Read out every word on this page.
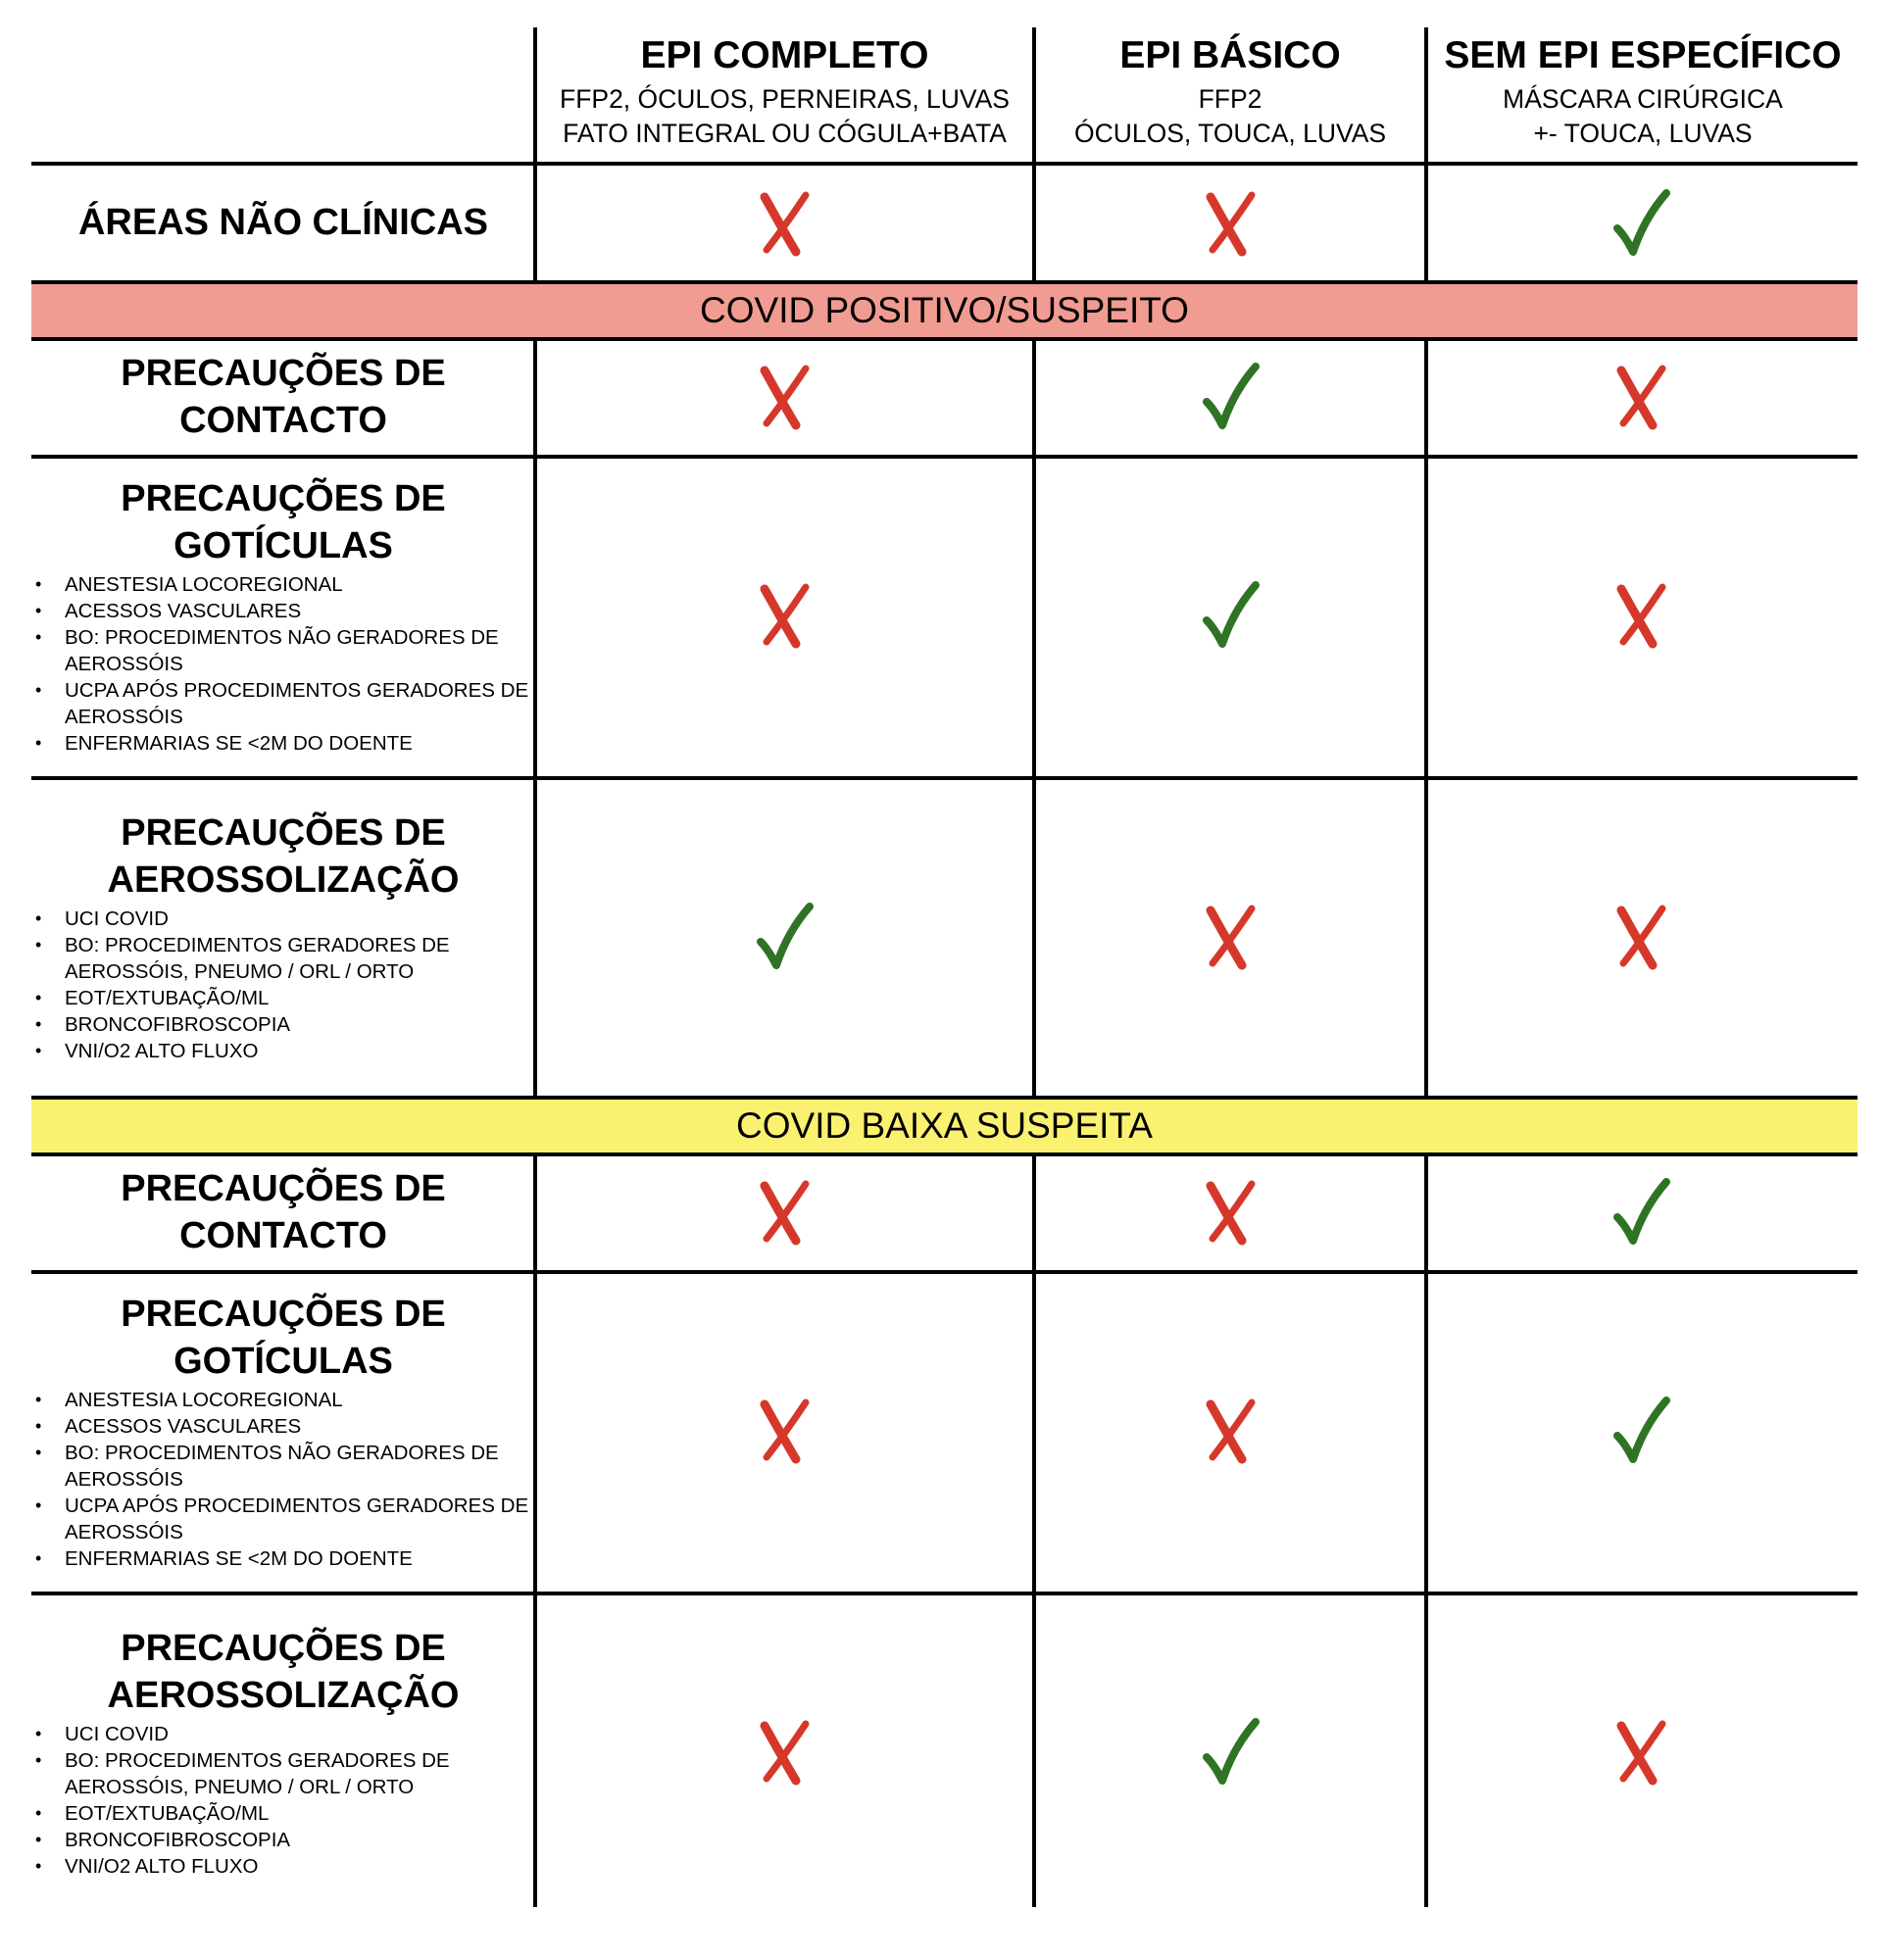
COVID POSITIVO/SUSPEITO
COVID BAIXA SUSPEITA
EPI COMPLETO
FFP2, ÓCULOS, PERNEIRAS, LUVAS
FATO INTEGRAL OU CÓGULA+BATA
EPI BÁSICO
FFP2
ÓCULOS, TOUCA, LUVAS
SEM EPI ESPECÍFICO
MÁSCARA CIRÚRGICA
+- TOUCA, LUVAS
ÁREAS NÃO CLÍNICAS
PRECAUÇÕES DE CONTACTO
PRECAUÇÕES DE GOTÍCULAS
• ANESTESIA LOCOREGIONAL
• ACESSOS VASCULARES
• BO: PROCEDIMENTOS NÃO GERADORES DE AEROSSÓIS
• UCPA APÓS PROCEDIMENTOS GERADORES DE AEROSSÓIS
• ENFERMARIAS SE <2M DO DOENTE
PRECAUÇÕES DE AEROSSOLIZAÇÃO
• UCI COVID
• BO: PROCEDIMENTOS GERADORES DE AEROSSÓIS, PNEUMO / ORL / ORTO
• EOT/EXTUBAÇÃO/ML
• BRONCOFIBROSCOPIA
• VNI/O2 ALTO FLUXO
PRECAUÇÕES DE CONTACTO
PRECAUÇÕES DE GOTÍCULAS
• ANESTESIA LOCOREGIONAL
• ACESSOS VASCULARES
• BO: PROCEDIMENTOS NÃO GERADORES DE AEROSSÓIS
• UCPA APÓS PROCEDIMENTOS GERADORES DE AEROSSÓIS
• ENFERMARIAS SE <2M DO DOENTE
PRECAUÇÕES DE AEROSSOLIZAÇÃO
• UCI COVID
• BO: PROCEDIMENTOS GERADORES DE AEROSSÓIS, PNEUMO / ORL / ORTO
• EOT/EXTUBAÇÃO/ML
• BRONCOFIBROSCOPIA
• VNI/O2 ALTO FLUXO
